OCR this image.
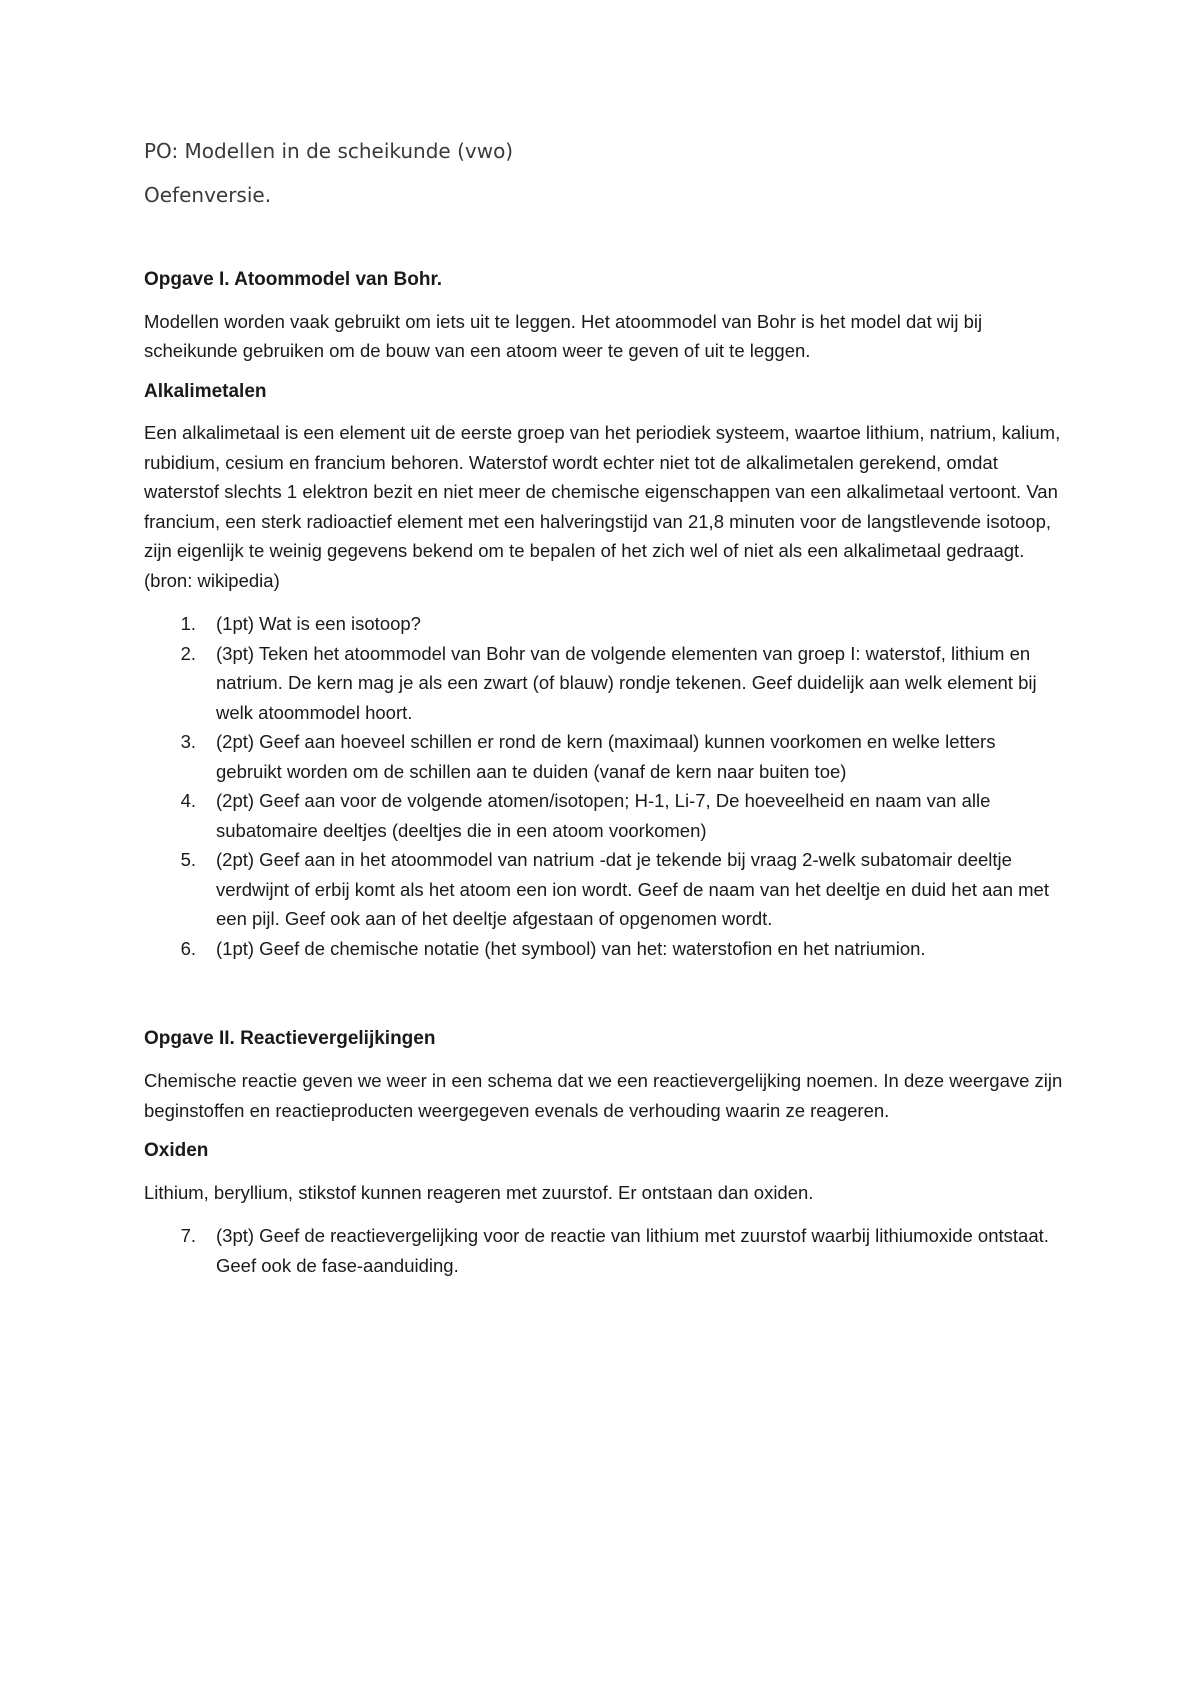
PO: Modellen in de scheikunde (vwo)

Oefenversie.

Opgave I. Atoommodel van Bohr.

Modellen worden vaak gebruikt om iets uit te leggen. Het atoommodel van Bohr is het model dat wij bij scheikunde gebruiken om de bouw van een atoom weer te geven of uit te leggen.

Alkalimetalen

Een alkalimetaal is een element uit de eerste groep van het periodiek systeem, waartoe lithium, natrium, kalium, rubidium, cesium en francium behoren. Waterstof wordt echter niet tot de alkalimetalen gerekend, omdat waterstof slechts 1 elektron bezit en niet meer de chemische eigenschappen van een alkalimetaal vertoont. Van francium, een sterk radioactief element met een halveringstijd van 21,8 minuten voor de langstlevende isotoop, zijn eigenlijk te weinig gegevens bekend om te bepalen of het zich wel of niet als een alkalimetaal gedraagt. (bron: wikipedia)

1.	(1pt) Wat is een isotoop?
2.	(3pt) Teken het atoommodel van Bohr van de volgende elementen van groep I: waterstof, lithium en natrium. De kern mag je als een zwart (of blauw) rondje tekenen. Geef duidelijk aan welk element bij welk atoommodel hoort.
3.	(2pt) Geef aan hoeveel schillen er rond de kern (maximaal) kunnen voorkomen en welke letters gebruikt worden om de schillen aan te duiden (vanaf de kern naar buiten toe)
4.	(2pt) Geef aan voor de volgende atomen/isotopen; H-1, Li-7, De hoeveelheid en naam van alle subatomaire deeltjes (deeltjes die in een atoom voorkomen)
5.	(2pt) Geef aan in het atoommodel van natrium -dat je tekende bij vraag 2-welk subatomair deeltje verdwijnt of erbij komt als het atoom een ion wordt. Geef de naam van het deeltje en duid het aan met een pijl. Geef ook aan of het deeltje afgestaan of opgenomen wordt.
6.	(1pt) Geef de chemische notatie (het symbool) van het: waterstofion en het natriumion.

Opgave II. Reactievergelijkingen

Chemische reactie geven we weer in een schema dat we een reactievergelijking noemen. In deze weergave zijn beginstoffen en reactieproducten weergegeven evenals de verhouding waarin ze reageren.

Oxiden

Lithium, beryllium, stikstof kunnen reageren met zuurstof. Er ontstaan dan oxiden.

7.	(3pt) Geef de reactievergelijking voor de reactie van lithium met zuurstof waarbij lithiumoxide ontstaat. Geef ook de fase-aanduiding.
